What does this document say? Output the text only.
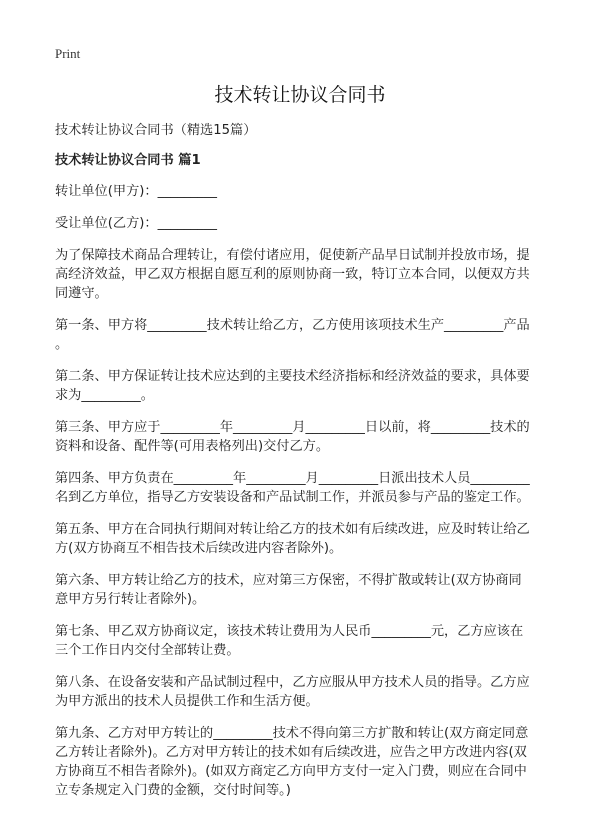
Print
技术转让协议合同书
技术转让协议合同书（精选15篇）
技术转让协议合同书 篇1
转让单位(甲方)：_________
受让单位(乙方)：_________
为了保障技术商品合理转让，有偿付诸应用，促使新产品早日试制并投放市场，提
高经济效益，甲乙双方根据自愿互利的原则协商一致，特订立本合同，以便双方共
同遵守。
第一条、甲方将_________技术转让给乙方，乙方使用该项技术生产_________产品
。
第二条、甲方保证转让技术应达到的主要技术经济指标和经济效益的要求，具体要
求为_________。
第三条、甲方应于_________年_________月_________日以前，将_________技术的
资料和设备、配件等(可用表格列出)交付乙方。
第四条、甲方负责在_________年_________月_________日派出技术人员_________
名到乙方单位，指导乙方安装设备和产品试制工作，并派员参与产品的鉴定工作。
第五条、甲方在合同执行期间对转让给乙方的技术如有后续改进，应及时转让给乙
方(双方协商互不相告技术后续改进内容者除外)。
第六条、甲方转让给乙方的技术，应对第三方保密，不得扩散或转让(双方协商同
意甲方另行转让者除外)。
第七条、甲乙双方协商议定，该技术转让费用为人民币_________元，乙方应该在
三个工作日内交付全部转让费。
第八条、在设备安装和产品试制过程中，乙方应服从甲方技术人员的指导。乙方应
为甲方派出的技术人员提供工作和生活方便。
第九条、乙方对甲方转让的_________技术不得向第三方扩散和转让(双方商定同意
乙方转让者除外)。乙方对甲方转让的技术如有后续改进，应告之甲方改进内容(双
方协商互不相告者除外)。(如双方商定乙方向甲方支付一定入门费，则应在合同中
立专条规定入门费的金额，交付时间等。)
